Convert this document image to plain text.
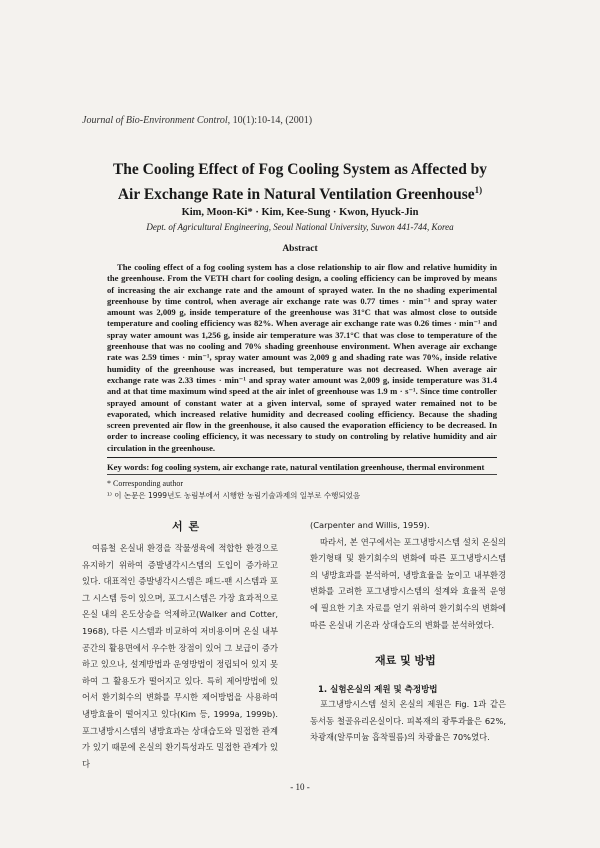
Journal of Bio-Environment Control, 10(1):10-14, (2001)
The Cooling Effect of Fog Cooling System as Affected by
Air Exchange Rate in Natural Ventilation Greenhouse$^{1)}$
Kim, Moon-Ki* · Kim, Kee-Sung · Kwon, Hyuck-Jin
Dept. of Agricultural Engineering, Seoul National University, Suwon 441-744, Korea
Abstract
The cooling effect of a fog cooling system has a close relationship to air flow and relative humidity in the greenhouse. From the VETH chart for cooling design, a cooling efficiency can be improved by means of increasing the air exchange rate and the amount of sprayed water. In the no shading experimental greenhouse by time control, when average air exchange rate was 0.77 times · min⁻¹ and spray water amount was 2,009 g, inside temperature of the greenhouse was 31°C that was almost close to outside temperature and cooling efficiency was 82%. When average air exchange rate was 0.26 times · min⁻¹ and spray water amount was 1,256 g, inside air temperature was 37.1°C that was close to temperature of the greenhouse that was no cooling and 70% shading greenhouse environment. When average air exchange rate was 2.59 times · min⁻¹, spray water amount was 2,009 g and shading rate was 70%, inside relative humidity of the greenhouse was increased, but temperature was not decreased. When average air exchange rate was 2.33 times · min⁻¹ and spray water amount was 2,009 g, inside temperature was 31.4 and at that time maximum wind speed at the air inlet of greenhouse was 1.9 m · s⁻¹. Since time controller sprayed amount of constant water at a given interval, some of sprayed water remained not to be evaporated, which increased relative humidity and decreased cooling efficiency. Because the shading screen prevented air flow in the greenhouse, it also caused the evaporation efficiency to be decreased. In order to increase cooling efficiency, it was necessary to study on controling by relative humidity and air circulation in the greenhouse.
Key words: fog cooling system, air exchange rate, natural ventilation greenhouse, thermal environment
* Corresponding author
¹⁾ 이 논문은 1999년도 농림부에서 시행한 농림기술과제의 일부로 수행되었음
서 론

여름철 온실내 환경을 작물생육에 적합한 환경으로 유지하기 위하여 증발냉각시스템의 도입이 증가하고 있다. 대표적인 증발냉각시스템은 패드-팬 시스템과 포그 시스템 등이 있으며, 포그시스템은 가장 효과적으로 온실 내의 온도상승을 억제하고(Walker and Cotter, 1968), 다른 시스템과 비교하여 저비용이며 온실 내부 공간의 활용면에서 우수한 장점이 있어 그 보급이 증가하고 있으나, 설계방법과 운영방법이 정립되어 있지 못하여 그 활용도가 떨어지고 있다. 특히 제어방법에 있어서 환기회수의 변화를 무시한 제어방법을 사용하여 냉방효율이 떨어지고 있다(Kim 등, 1999a, 1999b). 포그냉방시스템의 냉방효과는 상대습도와 밀접한 관계가 있기 때문에 온실의 환기특성과도 밀접한 관계가 있다

(Carpenter and Willis, 1959).

따라서, 본 연구에서는 포그냉방시스템 설치 온실의 환기형태 및 환기회수의 변화에 따른 포그냉방시스템의 냉방효과를 분석하여, 냉방효율을 높이고 내부환경 변화를 고려한 포그냉방시스템의 설계와 효율적 운영에 필요한 기초 자료를 얻기 위하여 환기회수의 변화에 따른 온실내 기온과 상대습도의 변화를 분석하였다.

재료 및 방법
1. 실험온실의 제원 및 측정방법

포그냉방시스템 설치 온실의 제원은 Fig. 1과 같은 동서동 철골유리온실이다. 피복재의 광투과율은 62%, 차광재(알루미늄 흡착필름)의 차광율은 70%였다.

- 10 -
